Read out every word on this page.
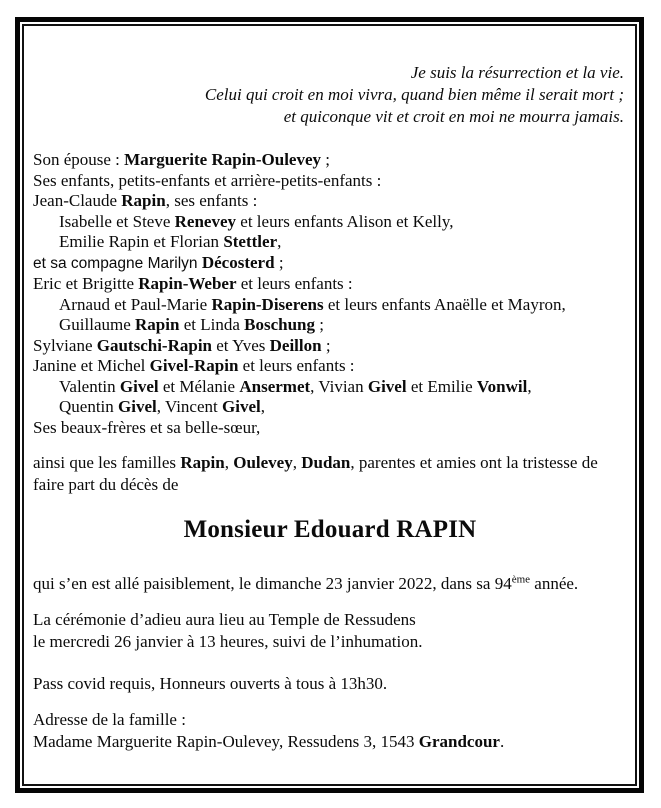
Je suis la résurrection et la vie.
Celui qui croit en moi vivra, quand bien même il serait mort ;
et quiconque vit et croit en moi ne mourra jamais.
Son épouse : Marguerite Rapin-Oulevey ;
Ses enfants, petits-enfants et arrière-petits-enfants :
Jean-Claude Rapin, ses enfants :
Isabelle et Steve Renevey et leurs enfants Alison et Kelly,
Emilie Rapin et Florian Stettler,
et sa compagne Marilyn Décosterd ;
Eric et Brigitte Rapin-Weber et leurs enfants :
Arnaud et Paul-Marie Rapin-Diserens et leurs enfants Anaëlle et Mayron,
Guillaume Rapin et Linda Boschung ;
Sylviane Gautschi-Rapin et Yves Deillon ;
Janine et Michel Givel-Rapin et leurs enfants :
Valentin Givel et Mélanie Ansermet, Vivian Givel et Emilie Vonwil,
Quentin Givel, Vincent Givel,
Ses beaux-frères et sa belle-sœur,
ainsi que les familles Rapin, Oulevey, Dudan, parentes et amies ont la tristesse de
faire part du décès de
Monsieur Edouard RAPIN
qui s’en est allé paisiblement, le dimanche 23 janvier 2022, dans sa 94ème année.
La cérémonie d’adieu aura lieu au Temple de Ressudens
le mercredi 26 janvier à 13 heures, suivi de l’inhumation.
Pass covid requis, Honneurs ouverts à tous à 13h30.
Adresse de la famille :
Madame Marguerite Rapin-Oulevey, Ressudens 3, 1543 Grandcour.
